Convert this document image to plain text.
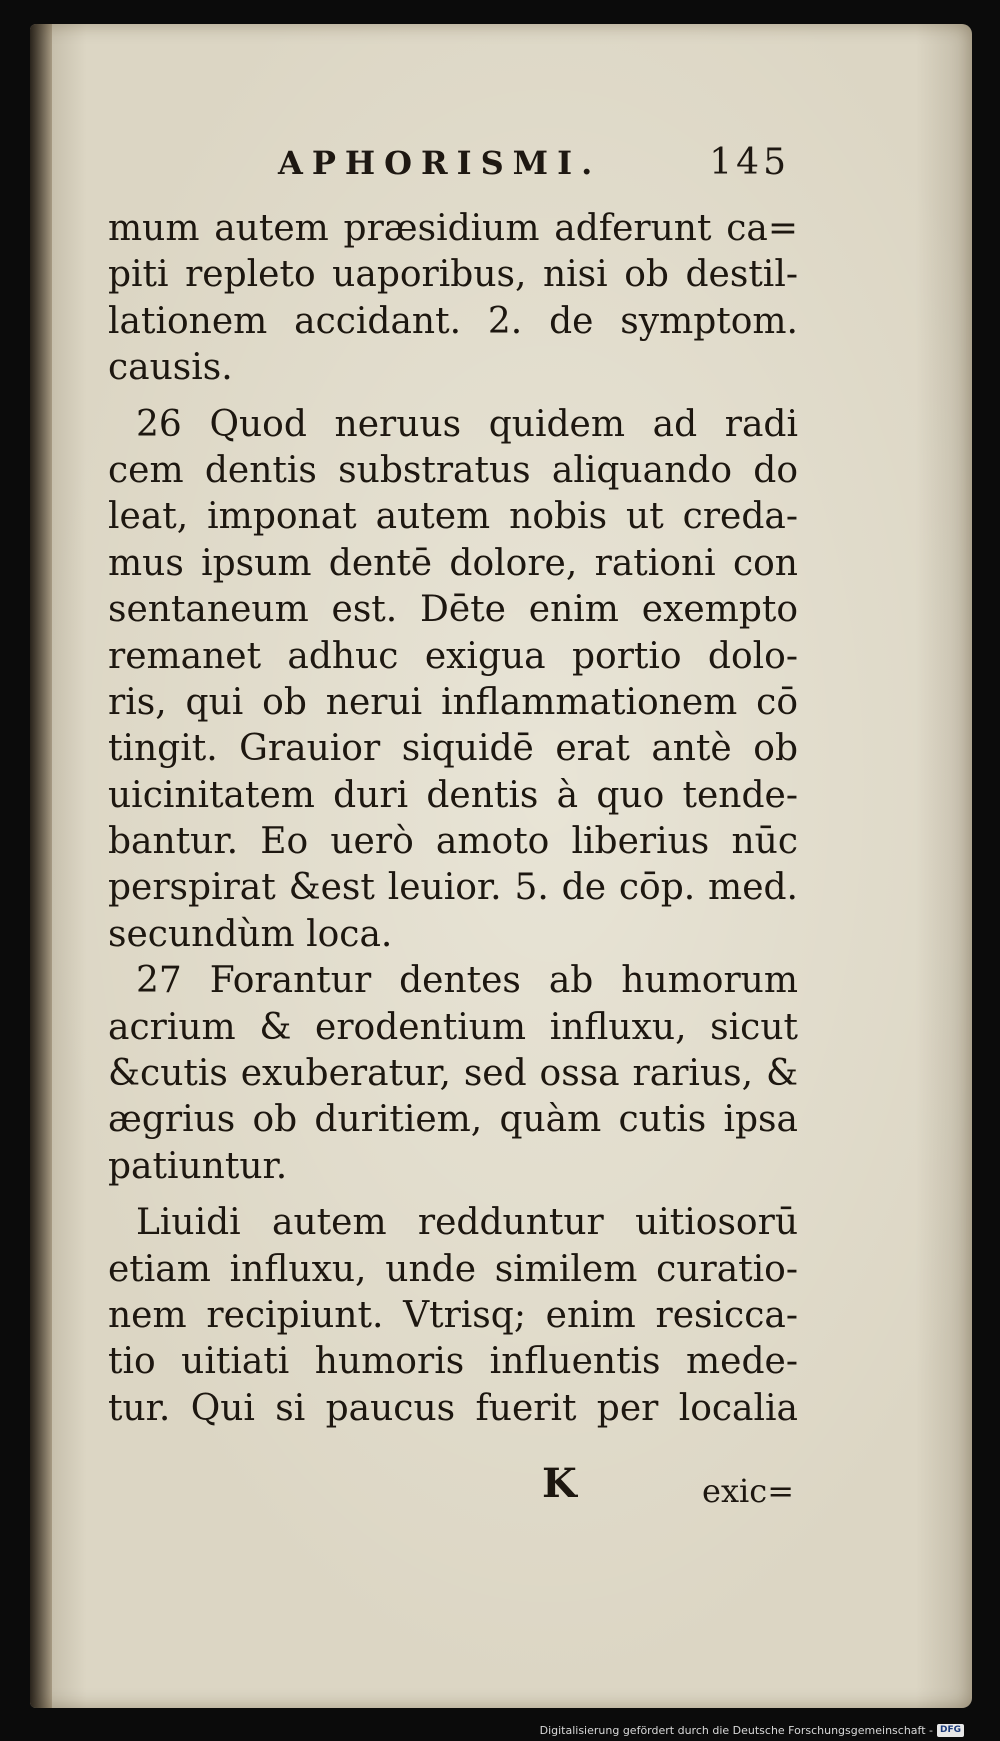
APHORISMI.	145
mum autem præsidium adferunt ca=
piti repleto uaporibus, nisi ob destil-
lationem accidant. 2. de symptom.
causis.
26 Quod neruus quidem ad radi
cem dentis substratus aliquando do
leat, imponat autem nobis ut creda-
mus ipsum dentē dolore, rationi con
sentaneum est. Dēte enim exempto
remanet adhuc exigua portio dolo-
ris, qui ob nerui inflammationem cō
tingit. Grauior siquidē erat antè ob
uicinitatem duri dentis à quo tende-
bantur. Eo uerò amoto liberius nūc
perspirat &est leuior. 5. de cōp. med.
secundùm loca.
27 Forantur dentes ab humorum
acrium & erodentium influxu, sicut
&cutis exuberatur, sed ossa rarius, &
ægrius ob duritiem, quàm cutis ipsa
patiuntur.
Liuidi autem redduntur uitiosorū
etiam influxu, unde similem curatio-
nem recipiunt. Vtrisq; enim resicca-
tio uitiati humoris influentis mede-
tur. Qui si paucus fuerit per localia
K	exic=
Digitalisierung gefördert durch die Deutsche Forschungsgemeinschaft - DFG
